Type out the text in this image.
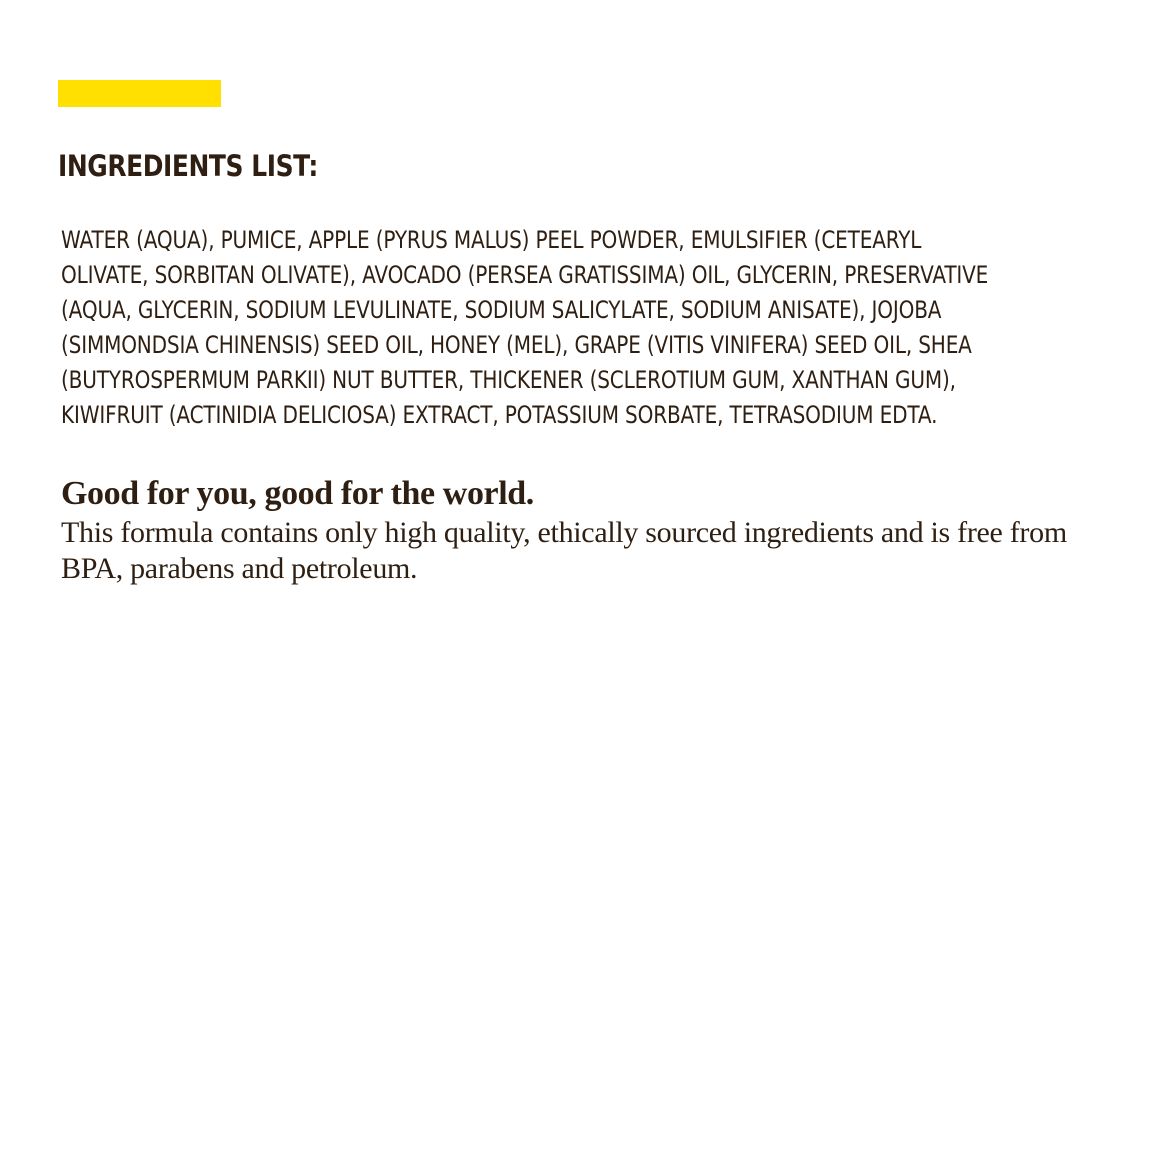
INGREDIENTS LIST:

WATER (AQUA), PUMICE, APPLE (PYRUS MALUS) PEEL POWDER, EMULSIFIER (CETEARYL
OLIVATE, SORBITAN OLIVATE), AVOCADO (PERSEA GRATISSIMA) OIL, GLYCERIN, PRESERVATIVE
(AQUA, GLYCERIN, SODIUM LEVULINATE, SODIUM SALICYLATE, SODIUM ANISATE), JOJOBA
(SIMMONDSIA CHINENSIS) SEED OIL, HONEY (MEL), GRAPE (VITIS VINIFERA) SEED OIL, SHEA
(BUTYROSPERMUM PARKII) NUT BUTTER, THICKENER (SCLEROTIUM GUM, XANTHAN GUM),
KIWIFRUIT (ACTINIDIA DELICIOSA) EXTRACT, POTASSIUM SORBATE, TETRASODIUM EDTA.

Good for you, good for the world.

This formula contains only high quality, ethically sourced ingredients and is free from
BPA, parabens and petroleum.
